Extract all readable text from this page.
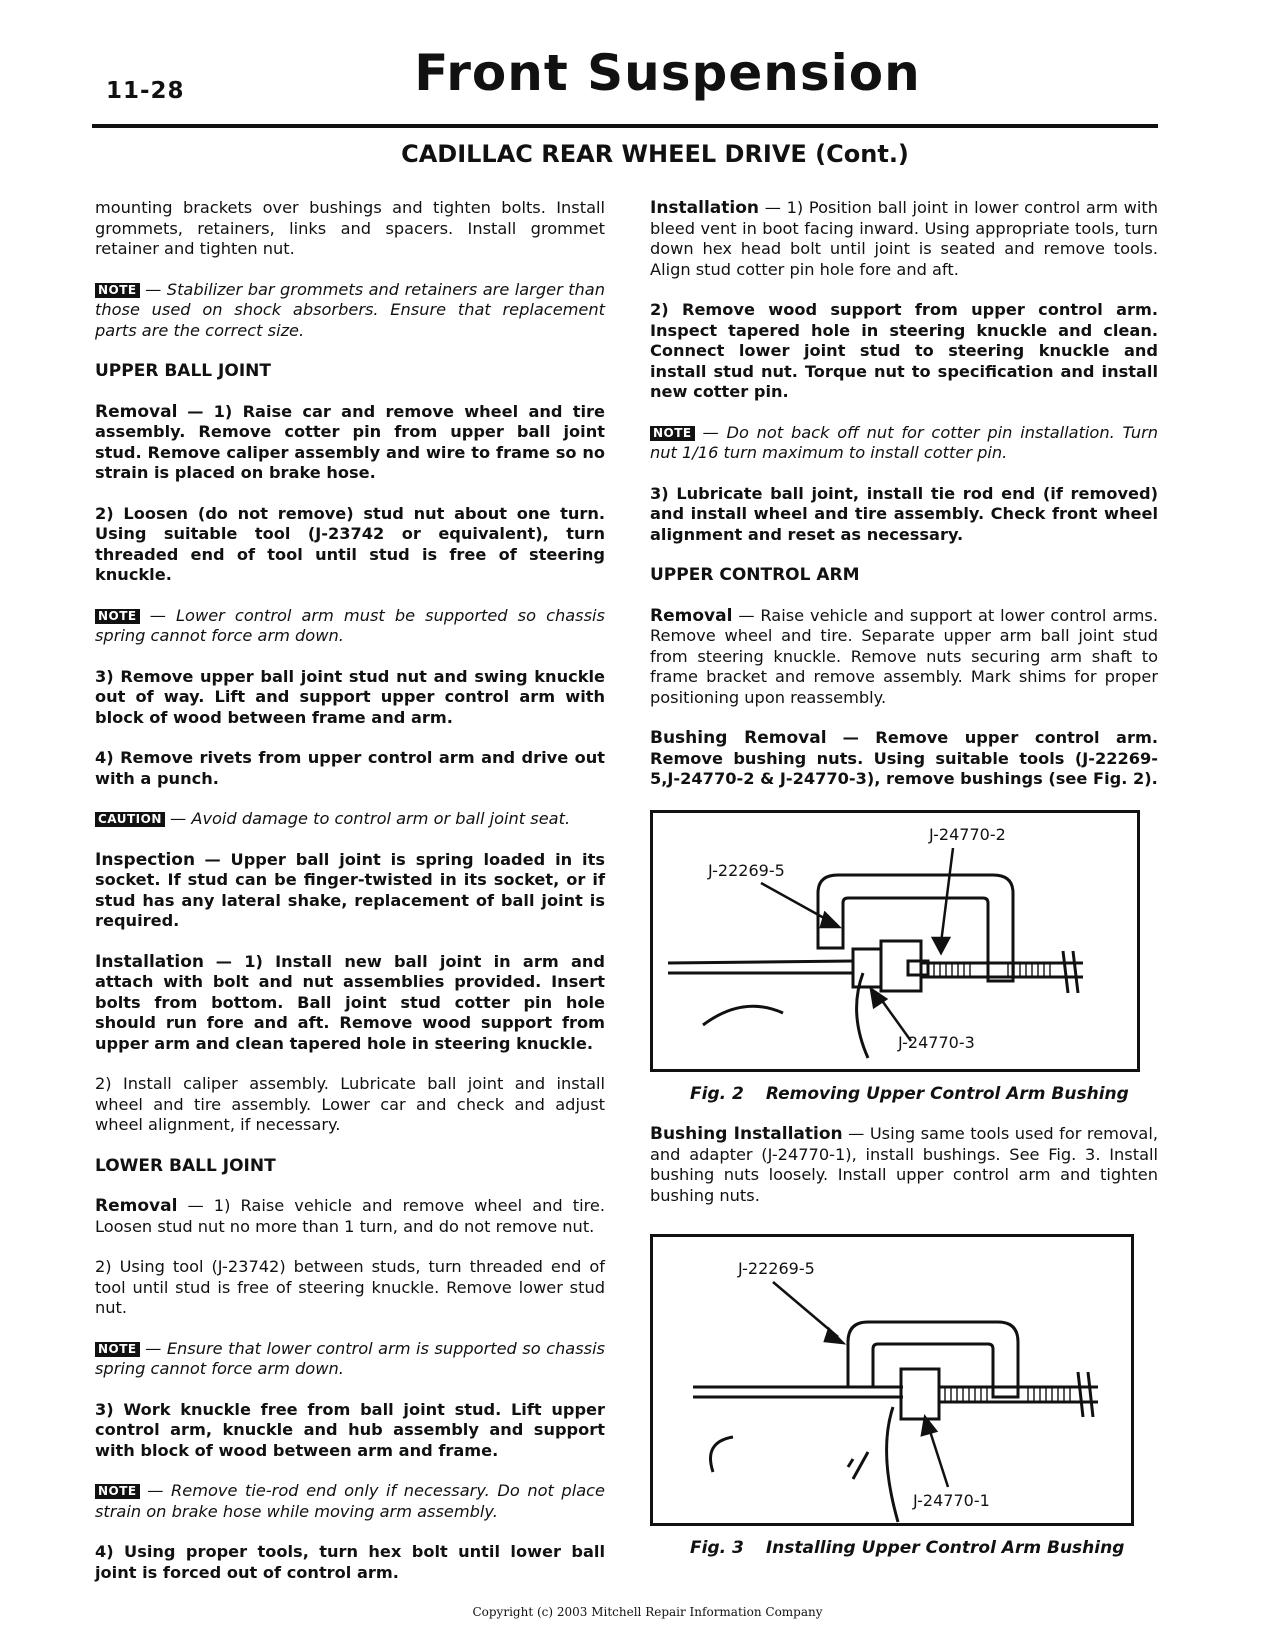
11-28	Front Suspension
CADILLAC REAR WHEEL DRIVE (Cont.)

mounting brackets over bushings and tighten bolts. Install grommets, retainers, links and spacers. Install grommet retainer and tighten nut.

NOTE — Stabilizer bar grommets and retainers are larger than those used on shock absorbers. Ensure that replacement parts are the correct size.

UPPER BALL JOINT

Removal — 1) Raise car and remove wheel and tire assembly. Remove cotter pin from upper ball joint stud. Remove caliper assembly and wire to frame so no strain is placed on brake hose.

2) Loosen (do not remove) stud nut about one turn. Using suitable tool (J-23742 or equivalent), turn threaded end of tool until stud is free of steering knuckle.

NOTE — Lower control arm must be supported so chassis spring cannot force arm down.

3) Remove upper ball joint stud nut and swing knuckle out of way. Lift and support upper control arm with block of wood between frame and arm.

4) Remove rivets from upper control arm and drive out with a punch.

CAUTION — Avoid damage to control arm or ball joint seat.

Inspection — Upper ball joint is spring loaded in its socket. If stud can be finger-twisted in its socket, or if stud has any lateral shake, replacement of ball joint is required.

Installation — 1) Install new ball joint in arm and attach with bolt and nut assemblies provided. Insert bolts from bottom. Ball joint stud cotter pin hole should run fore and aft. Remove wood support from upper arm and clean tapered hole in steering knuckle.

2) Install caliper assembly. Lubricate ball joint and install wheel and tire assembly. Lower car and check and adjust wheel alignment, if necessary.

LOWER BALL JOINT

Removal — 1) Raise vehicle and remove wheel and tire. Loosen stud nut no more than 1 turn, and do not remove nut.

2) Using tool (J-23742) between studs, turn threaded end of tool until stud is free of steering knuckle. Remove lower stud nut.

NOTE — Ensure that lower control arm is supported so chassis spring cannot force arm down.

3) Work knuckle free from ball joint stud. Lift upper control arm, knuckle and hub assembly and support with block of wood between arm and frame.

NOTE — Remove tie-rod end only if necessary. Do not place strain on brake hose while moving arm assembly.

4) Using proper tools, turn hex bolt until lower ball joint is forced out of control arm.

Installation — 1) Position ball joint in lower control arm with bleed vent in boot facing inward. Using appropriate tools, turn down hex head bolt until joint is seated and remove tools. Align stud cotter pin hole fore and aft.

2) Remove wood support from upper control arm. Inspect tapered hole in steering knuckle and clean. Connect lower joint stud to steering knuckle and install stud nut. Torque nut to specification and install new cotter pin.

NOTE — Do not back off nut for cotter pin installation. Turn nut 1/16 turn maximum to install cotter pin.

3) Lubricate ball joint, install tie rod end (if removed) and install wheel and tire assembly. Check front wheel alignment and reset as necessary.

UPPER CONTROL ARM

Removal — Raise vehicle and support at lower control arms. Remove wheel and tire. Separate upper arm ball joint stud from steering knuckle. Remove nuts securing arm shaft to frame bracket and remove assembly. Mark shims for proper positioning upon reassembly.

Bushing Removal — Remove upper control arm. Remove bushing nuts. Using suitable tools (J-22269-5,J-24770-2 & J-24770-3), remove bushings (see Fig. 2).

J-24770-2
J-22269-5
J-24770-3
Fig. 2 Removing Upper Control Arm Bushing

Bushing Installation — Using same tools used for removal, and adapter (J-24770-1), install bushings. See Fig. 3. Install bushing nuts loosely. Install upper control arm and tighten bushing nuts.

J-22269-5
J-24770-1
Fig. 3 Installing Upper Control Arm Bushing
Copyright (c) 2003 Mitchell Repair Information Company
